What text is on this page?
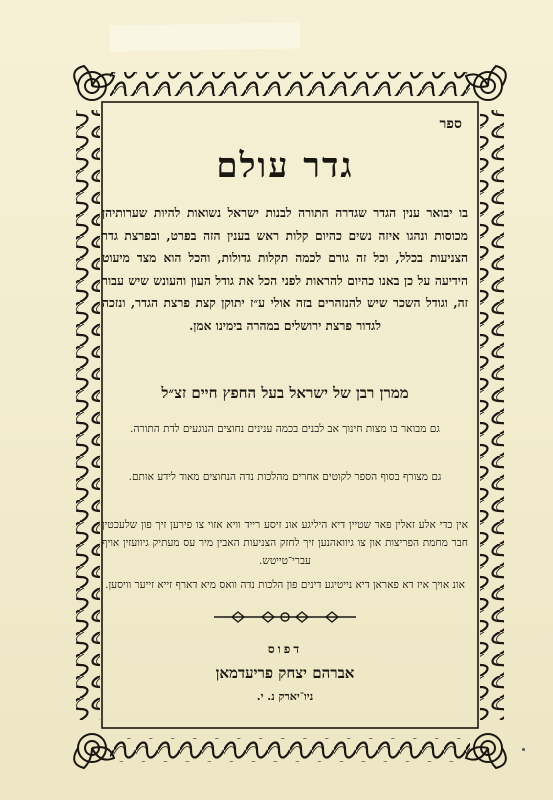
ספר
גדר עולם
בו יבואר ענין הגדר שגדרה התורה לבנות ישראל נשואות להיות שערותיהן מכוסות ונהגו איזה נשים כהיום קלות ראש בענין הזה בפרט, ובפרצת גדר הצניעות בכלל, וכל זה גורם לכמה תקלות גדולות, והכל הוא מצד מיעוט הידיעה על כן באנו כהיום להראות לפני הכל את גודל העון והעונש שיש עבור זה, וגודל השכר שיש להנזהרים בזה אולי ע״ז יתוקן קצת פרצת הגדר, ונזכה לגדור פרצת ירושלים במהרה בימינו אמן.
ממרן רבן של ישראל בעל החפץ חיים זצ״ל
גם מבואר בו מצות חינוך אב לבנים בכמה ענינים נחוצים הנוגעים לדת התורה.
גם מצורף בסוף הספר לקוטים אחרים מהלכות נדה הנחוצים מאוד לידע אותם.
אין כדי אלע זאלין פאר שטיין דיא היליגע אונ זיסע רייד וויא אזוי צו פירען זיך פון שלעכטין חבר מחמת הפריצות און צו גיוואהנען זיך לחזק הצניעות האבין מיר עס מעתיק גיוועזין אויף עברי־טייטש.
אונ אויך איז דא פאראן דיא נייטיגע דינים פון הלכות נדה וואס מיא דארף זייא זייער וויסען.
דפוס
אברהם יצחק פריעדמאן
ניו־יארק נ. י.
